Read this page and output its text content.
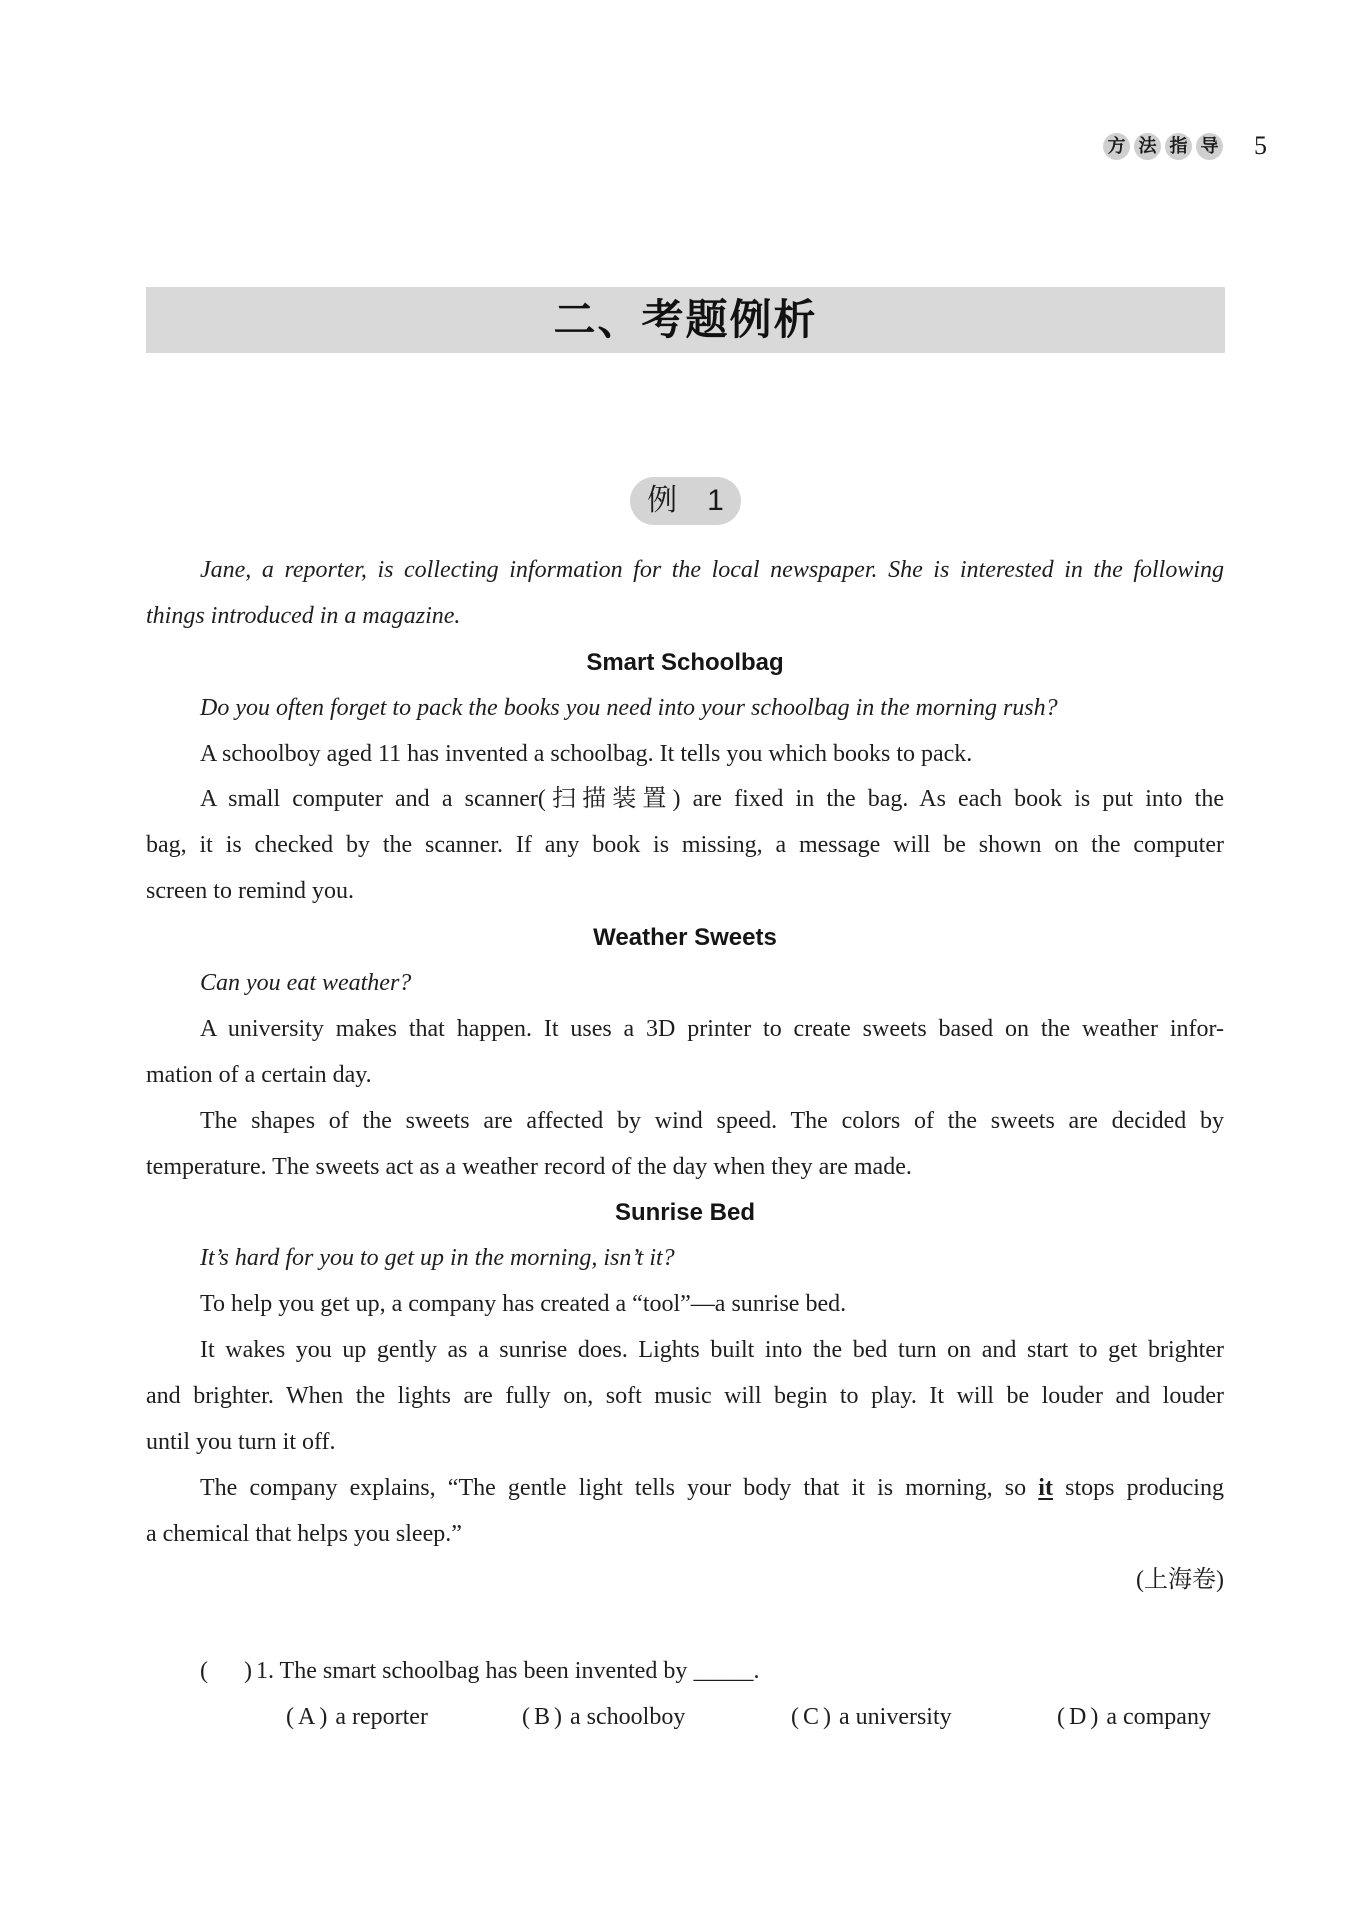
方 法 指 导 5
二、考题例析
例 1
Jane, a reporter, is collecting information for the local newspaper. She is interested in the following
things introduced in a magazine.
Smart Schoolbag
Do you often forget to pack the books you need into your schoolbag in the morning rush?
A schoolboy aged 11 has invented a schoolbag. It tells you which books to pack.
A small computer and a scanner(扫描装置) are fixed in the bag. As each book is put into the
bag, it is checked by the scanner. If any book is missing, a message will be shown on the computer
screen to remind you.
Weather Sweets
Can you eat weather?
A university makes that happen. It uses a 3D printer to create sweets based on the weather infor-
mation of a certain day.
The shapes of the sweets are affected by wind speed. The colors of the sweets are decided by
temperature. The sweets act as a weather record of the day when they are made.
Sunrise Bed
It’s hard for you to get up in the morning, isn’t it?
To help you get up, a company has created a “tool”—a sunrise bed.
It wakes you up gently as a sunrise does. Lights built into the bed turn on and start to get brighter
and brighter. When the lights are fully on, soft music will begin to play. It will be louder and louder
until you turn it off.
The company explains, “The gentle light tells your body that it is morning, so it stops producing
a chemical that helps you sleep.”
(上海卷)
(      ) 1. The smart schoolbag has been invented by _____.
(A) a reporter	(B) a schoolboy	(C) a university	(D) a company
